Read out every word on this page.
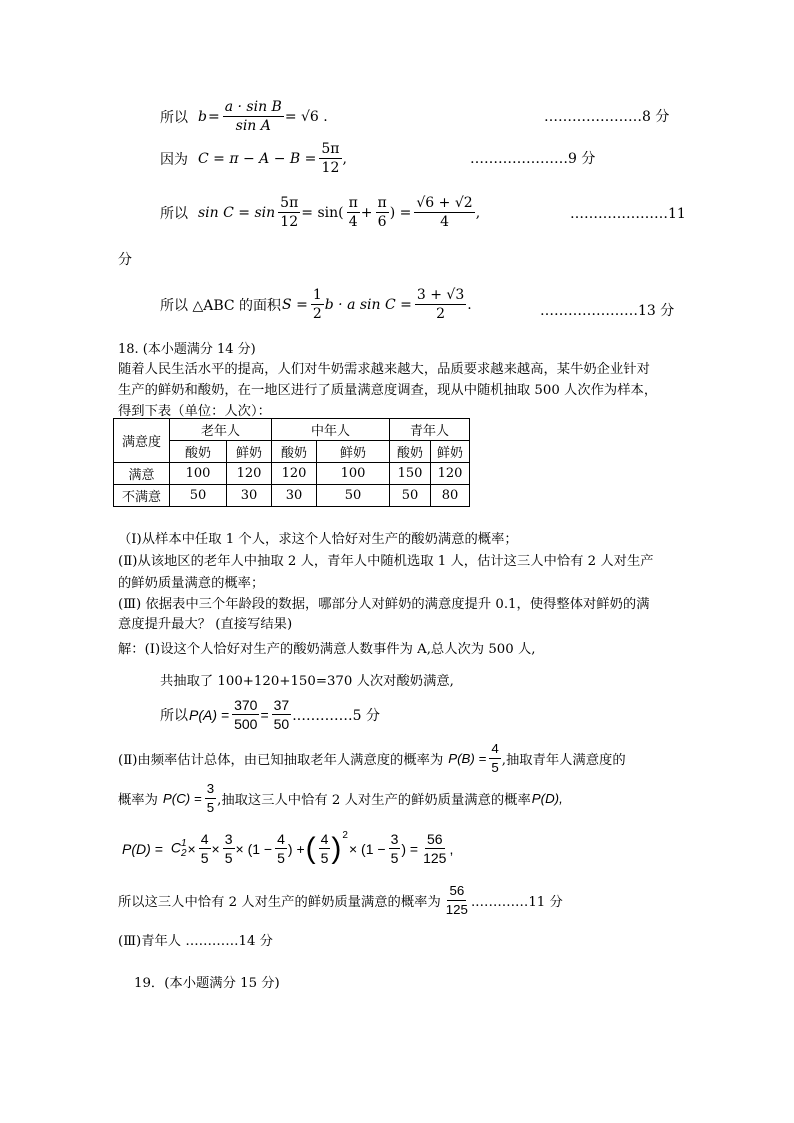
所以 $b = \frac{\text{a · sin B}}{\text{sin A}} = √6$ .	…………………8 分
因为 $C = \pi - A - B = \frac{5\pi}{12}$ ,	…………………9 分
所以 $\sin C = \sin \frac{5\pi}{12} = \sin( \frac{\pi}{4} + \frac{\pi}{6}$ ) = $\frac{√6 + √2}{4}$ ,	…………………11
分
所以 △ABC 的面积 $S = \frac{1}{2}$ b · a $\sin C = \frac{3 + √3}{2}$ .	…………………13 分
18. (本小题满分 14 分)
随着人民生活水平的提高，人们对牛奶需求越来越大，品质要求越来越高，某牛奶企业针对
生产的鲜奶和酸奶，在一地区进行了质量满意度调查，现从中随机抽取 500 人次作为样本，
得到下表（单位：人次）：
满意度	老年人		中年人		青年人	
	酸奶	鲜奶	酸奶	鲜奶	酸奶	鲜奶
满意	100	120	120	100	150	120
不满意	50	30	30	50	50	80
（Ⅰ)从样本中任取 1 个人，求这个人恰好对生产的酸奶满意的概率；
(Ⅱ)从该地区的老年人中抽取 2 人，青年人中随机选取 1 人，估计这三人中恰有 2 人对生产
的鲜奶质量满意的概率；
(Ⅲ) 依据表中三个年龄段的数据，哪部分人对鲜奶的满意度提升 0.1，使得整体对鲜奶的满
意度提升最大？ (直接写结果)
解：(Ⅰ)设这个人恰好对生产的酸奶满意人数事件为 A,总人次为 500 人,
共抽取了 100+120+150=370 人次对酸奶满意,
所以 $P(A) = \frac{370}{500} = \frac{37}{50}$ .…………5 分
(Ⅱ)由频率估计总体，由已知抽取老年人满意度的概率为 $P(B) = \frac{4}{5}$ ,抽取青年人满意度的
概率为 $P(C) = \frac{3}{5}$ ,抽取这三人中恰有 2 人对生产的鲜奶质量满意的概率 P(D),
P(D) = C 1
$2 \times \frac{4}{5} \times \frac{3}{5} \times (1 - \frac{4}{5}$ ) + ( $\frac{4}{5} )^2$
× ($1 - \frac{3}{5}$ ) = $\frac{56}{125}$ ,
所以这三人中恰有 2 人对生产的鲜奶质量满意的概率为 $\frac{56}{125}$ .…………11 分
(Ⅲ)青年人 …………14 分
19．(本小题满分 15 分)
